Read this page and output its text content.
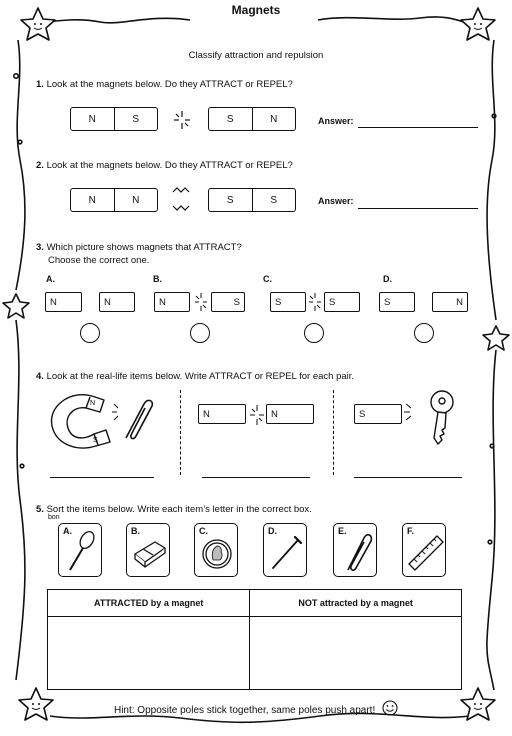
Magnets
Classify attraction and repulsion
1. Look at the magnets below. Do they ATTRACT or REPEL?
N	S	S	N	Answer:
2. Look at the magnets below. Do they ATTRACT or REPEL?
N	N	S	S	Answer:
3. Which picture shows magnets that ATTRACT?
Choose the correct one.
A.
N	N
B.
N	S
C.
S	S
D.
S	N
4. Look at the real-life items below. Write ATTRACT or REPEL for each pair.
N
S
N	N	S
5. Sort the items below. Write each item’s letter in the correct box.
bon
A.	B.	C.	D.	E.	F.
ATTRACTED by a magnet	NOT attracted by a magnet

Hint: Opposite poles stick together, same poles push apart!
